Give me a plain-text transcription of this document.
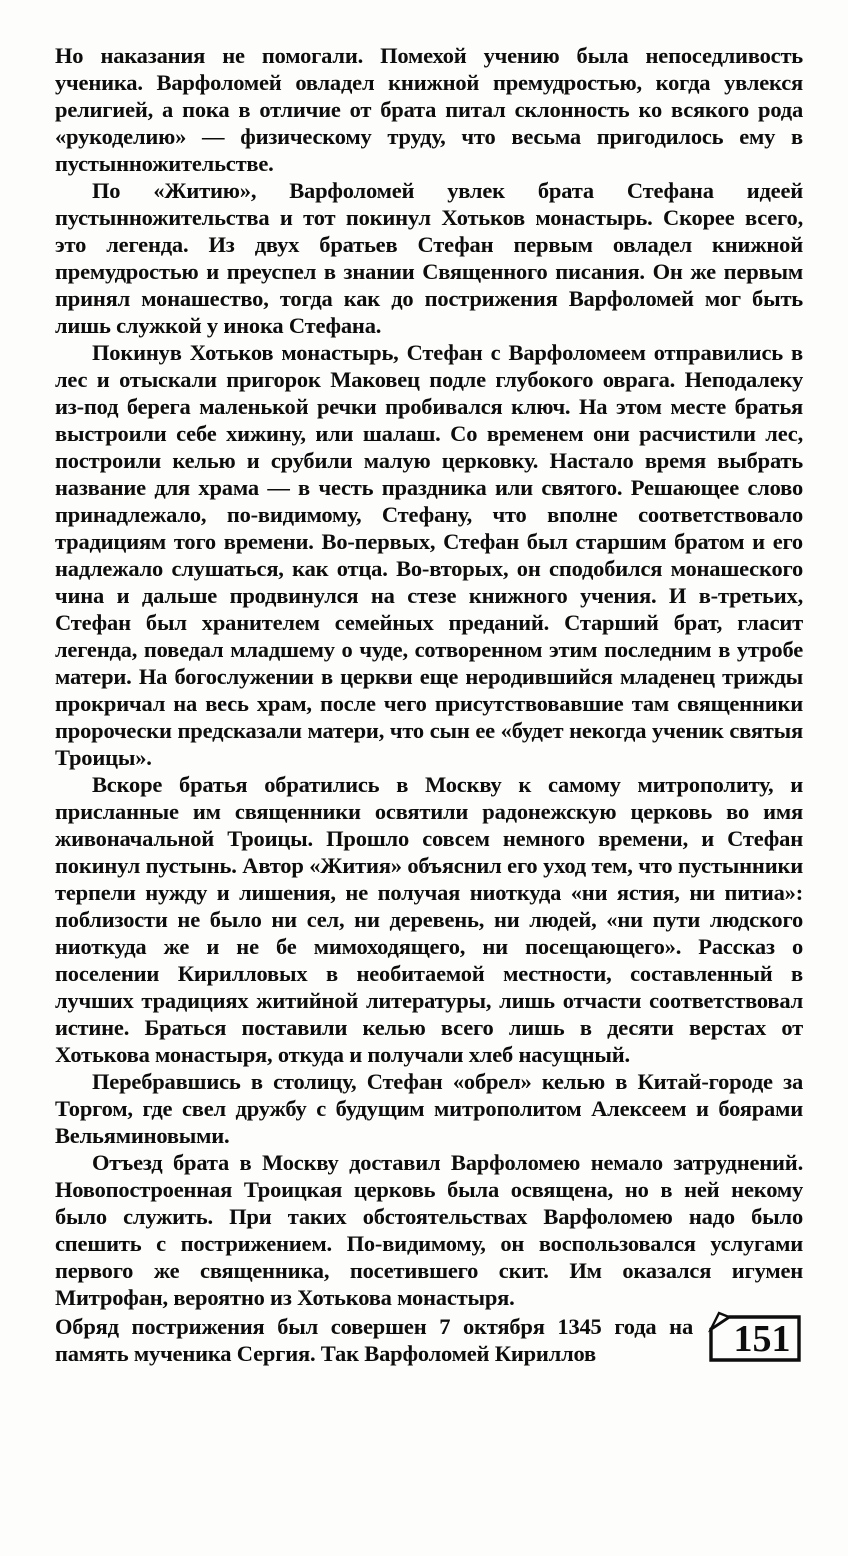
Но наказания не помогали. Помехой учению была непоседливость ученика. Варфоломей овладел книжной премудростью, когда увлекся религией, а пока в отличие от брата питал склонность ко всякого рода «рукоделию» — физическому труду, что весьма пригодилось ему в пустынножительстве.

По «Житию», Варфоломей увлек брата Стефана идеей пустынножительства и тот покинул Хотьков монастырь. Скорее всего, это легенда. Из двух братьев Стефан первым овладел книжной премудростью и преуспел в знании Священного писания. Он же первым принял монашество, тогда как до пострижения Варфоломей мог быть лишь служкой у инока Стефана.

Покинув Хотьков монастырь, Стефан с Варфоломеем отправились в лес и отыскали пригорок Маковец подле глубокого оврага. Неподалеку из-под берега маленькой речки пробивался ключ. На этом месте братья выстроили себе хижину, или шалаш. Со временем они расчистили лес, построили келью и срубили малую церковку. Настало время выбрать название для храма — в честь праздника или святого. Решающее слово принадлежало, по-видимому, Стефану, что вполне соответствовало традициям того времени. Во-первых, Стефан был старшим братом и его надлежало слушаться, как отца. Во-вторых, он сподобился монашеского чина и дальше продвинулся на стезе книжного учения. И в-третьих, Стефан был хранителем семейных преданий. Старший брат, гласит легенда, поведал младшему о чуде, сотворенном этим последним в утробе матери. На богослужении в церкви еще неродившийся младенец трижды прокричал на весь храм, после чего присутствовавшие там священники пророчески предсказали матери, что сын ее «будет некогда ученик святыя Троицы».

Вскоре братья обратились в Москву к самому митрополиту, и присланные им священники освятили радонежскую церковь во имя живоначальной Троицы. Прошло совсем немного времени, и Стефан покинул пустынь. Автор «Жития» объяснил его уход тем, что пустынники терпели нужду и лишения, не получая ниоткуда «ни ястия, ни питиа»: поблизости не было ни сел, ни деревень, ни людей, «ни пути людского ниоткуда же и не бе мимоходящего, ни посещающего». Рассказ о поселении Кирилловых в необитаемой местности, составленный в лучших традициях житийной литературы, лишь отчасти соответствовал истине. Браться поставили келью всего лишь в десяти верстах от Хотькова монастыря, откуда и получали хлеб насущный.

Перебравшись в столицу, Стефан «обрел» келью в Китай-городе за Торгом, где свел дружбу с будущим митрополитом Алексеем и боярами Вельяминовыми.

Отъезд брата в Москву доставил Варфоломею немало затруднений. Новопостроенная Троицкая церковь была освящена, но в ней некому было служить. При таких обстоятельствах Варфоломею надо было спешить с пострижением. По-видимому, он воспользовался услугами первого же священника, посетившего скит. Им оказался игумен Митрофан, вероятно из Хотькова монастыря.

Обряд пострижения был совершен 7 октября 1345 года на память мученика Сергия. Так Варфоломей Кириллов	151
